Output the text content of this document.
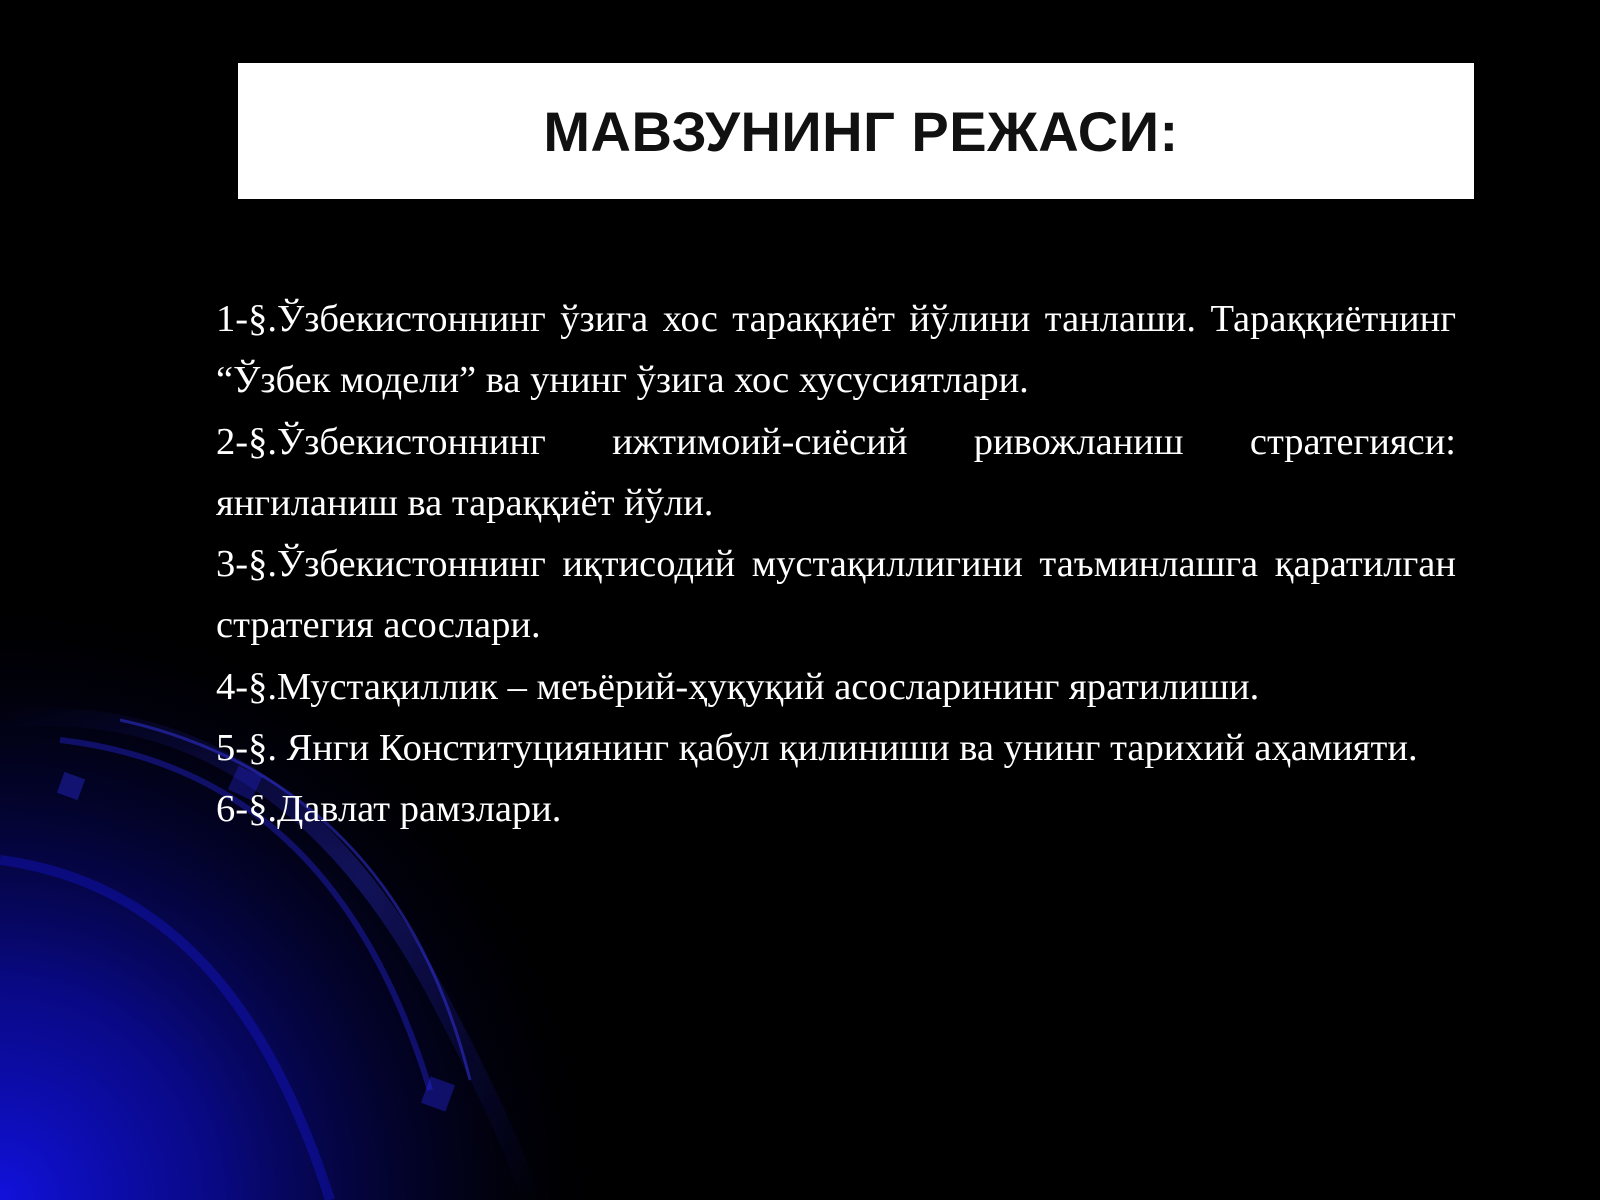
МАВЗУНИНГ РЕЖАСИ:

1-§.Ўзбекистоннинг ўзига хос тараққиёт йўлини танлаши. Тараққиётнинг “Ўзбек модели” ва унинг ўзига хос хусусиятлари.

2-§.Ўзбекистоннинг ижтимоий-сиёсий ривожланиш стратегияси: янгиланиш ва тараққиёт йўли.

3-§.Ўзбекистоннинг иқтисодий мустақиллигини таъминлашга қаратилган стратегия асослари.

4-§.Мустақиллик – меъёрий-ҳуқуқий асосларининг яратилиши.

5-§. Янги Конституциянинг қабул қилиниши ва унинг тарихий аҳамияти.

6-§.Давлат рамзлари.
